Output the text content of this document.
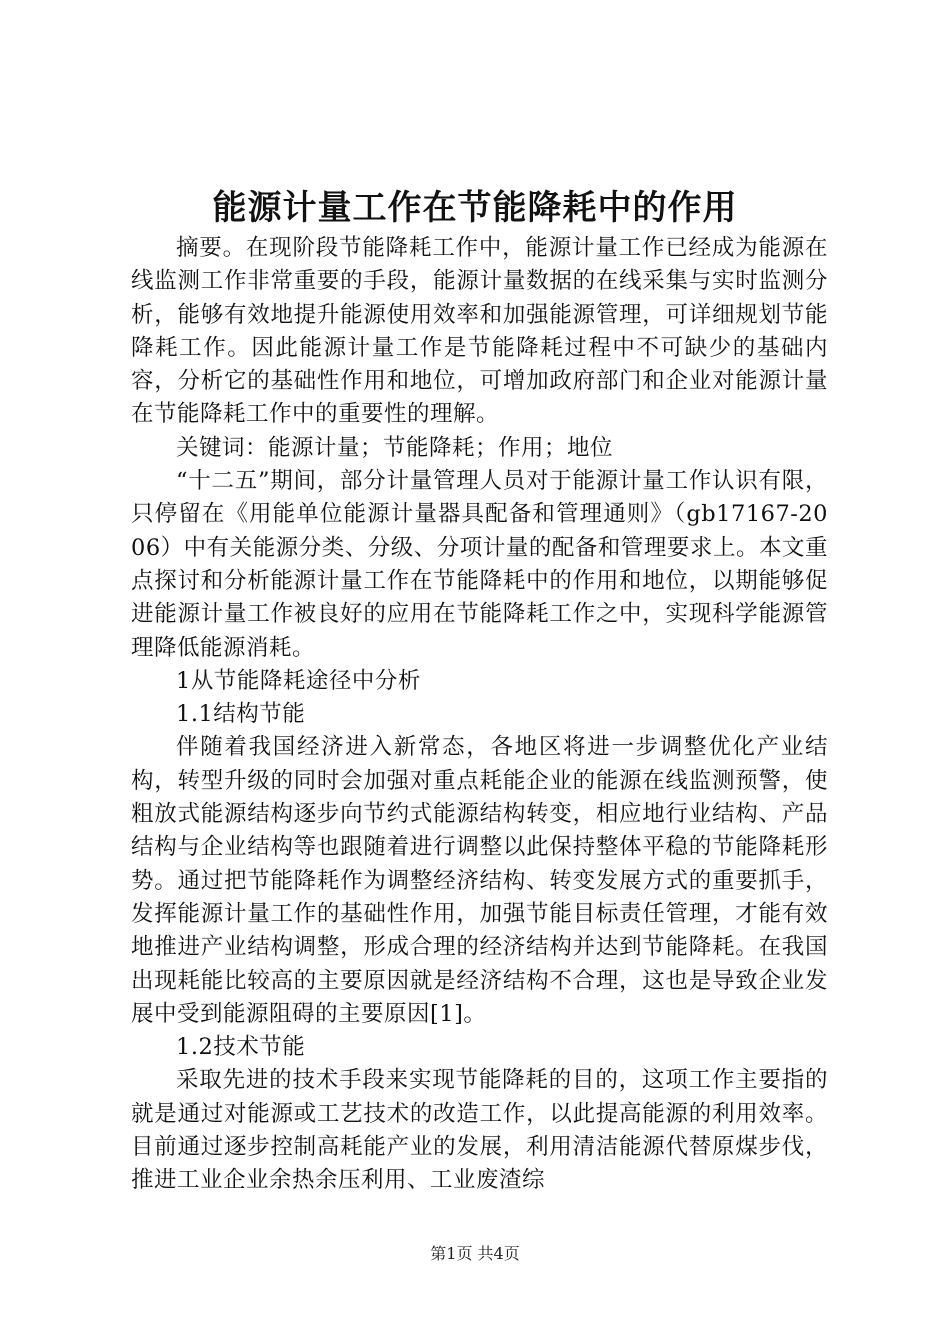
能源计量工作在节能降耗中的作用

摘要。在现阶段节能降耗工作中，能源计量工作已经成为能源在线监测工作非常重要的手段，能源计量数据的在线采集与实时监测分析，能够有效地提升能源使用效率和加强能源管理，可详细规划节能降耗工作。因此能源计量工作是节能降耗过程中不可缺少的基础内容，分析它的基础性作用和地位，可增加政府部门和企业对能源计量在节能降耗工作中的重要性的理解。

关键词：能源计量；节能降耗；作用；地位

“十二五”期间，部分计量管理人员对于能源计量工作认识有限，只停留在《用能单位能源计量器具配备和管理通则》（gb17167-2006）中有关能源分类、分级、分项计量的配备和管理要求上。本文重点探讨和分析能源计量工作在节能降耗中的作用和地位，以期能够促进能源计量工作被良好的应用在节能降耗工作之中，实现科学能源管理降低能源消耗。

1从节能降耗途径中分析

1.1结构节能

伴随着我国经济进入新常态，各地区将进一步调整优化产业结构，转型升级的同时会加强对重点耗能企业的能源在线监测预警，使粗放式能源结构逐步向节约式能源结构转变，相应地行业结构、产品结构与企业结构等也跟随着进行调整以此保持整体平稳的节能降耗形势。通过把节能降耗作为调整经济结构、转变发展方式的重要抓手，发挥能源计量工作的基础性作用，加强节能目标责任管理，才能有效地推进产业结构调整，形成合理的经济结构并达到节能降耗。在我国出现耗能比较高的主要原因就是经济结构不合理，这也是导致企业发展中受到能源阻碍的主要原因[1]。

1.2技术节能

采取先进的技术手段来实现节能降耗的目的，这项工作主要指的就是通过对能源或工艺技术的改造工作，以此提高能源的利用效率。目前通过逐步控制高耗能产业的发展，利用清洁能源代替原煤步伐，推进工业企业余热余压利用、工业废渣综

第1页 共4页
